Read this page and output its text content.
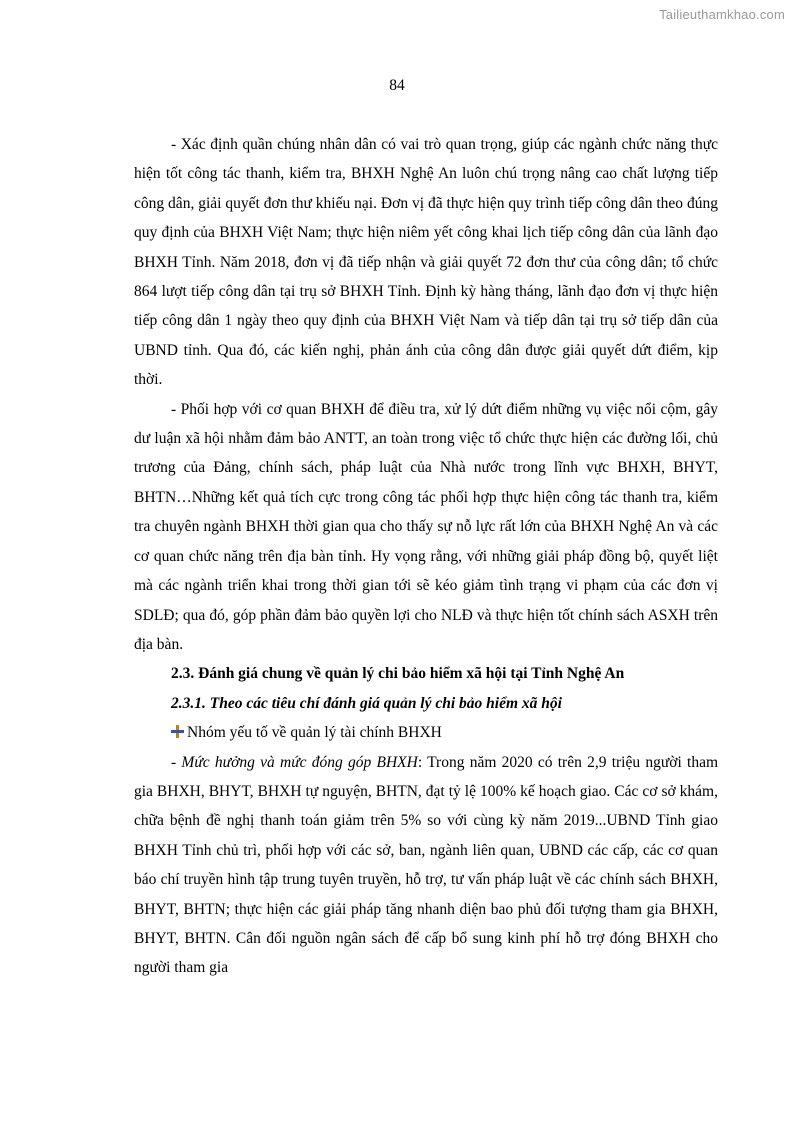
Tailieuthamkhao.com
84

- Xác định quần chúng nhân dân có vai trò quan trọng, giúp các ngành chức năng thực hiện tốt công tác thanh, kiểm tra, BHXH Nghệ An luôn chú trọng nâng cao chất lượng tiếp công dân, giải quyết đơn thư khiếu nại. Đơn vị đã thực hiện quy trình tiếp công dân theo đúng quy định của BHXH Việt Nam; thực hiện niêm yết công khai lịch tiếp công dân của lãnh đạo BHXH Tỉnh. Năm 2018, đơn vị đã tiếp nhận và giải quyết 72 đơn thư của công dân; tổ chức 864 lượt tiếp công dân tại trụ sở BHXH Tỉnh. Định kỳ hàng tháng, lãnh đạo đơn vị thực hiện tiếp công dân 1 ngày theo quy định của BHXH Việt Nam và tiếp dân tại trụ sở tiếp dân của UBND tỉnh. Qua đó, các kiến nghị, phản ánh của công dân được giải quyết dứt điểm, kịp thời.

- Phối hợp với cơ quan BHXH để điều tra, xử lý dứt điểm những vụ việc nổi cộm, gây dư luận xã hội nhằm đảm bảo ANTT, an toàn trong việc tổ chức thực hiện các đường lối, chủ trương của Đảng, chính sách, pháp luật của Nhà nước trong lĩnh vực BHXH, BHYT, BHTN…Những kết quả tích cực trong công tác phối hợp thực hiện công tác thanh tra, kiểm tra chuyên ngành BHXH thời gian qua cho thấy sự nỗ lực rất lớn của BHXH Nghệ An và các cơ quan chức năng trên địa bàn tỉnh. Hy vọng rằng, với những giải pháp đồng bộ, quyết liệt mà các ngành triển khai trong thời gian tới sẽ kéo giảm tình trạng vi phạm của các đơn vị SDLĐ; qua đó, góp phần đảm bảo quyền lợi cho NLĐ và thực hiện tốt chính sách ASXH trên địa bàn.

2.3. Đánh giá chung về quản lý chi bảo hiểm xã hội tại Tỉnh Nghệ An

2.3.1. Theo các tiêu chí đánh giá quản lý chi bảo hiểm xã hội

Nhóm yếu tố về quản lý tài chính BHXH

- Mức hưởng và mức đóng góp BHXH: Trong năm 2020 có trên 2,9 triệu người tham gia BHXH, BHYT, BHXH tự nguyện, BHTN, đạt tỷ lệ 100% kế hoạch giao. Các cơ sở khám, chữa bệnh đề nghị thanh toán giảm trên 5% so với cùng kỳ năm 2019...UBND Tỉnh giao BHXH Tỉnh chủ trì, phối hợp với các sở, ban, ngành liên quan, UBND các cấp, các cơ quan báo chí truyền hình tập trung tuyên truyền, hỗ trợ, tư vấn pháp luật về các chính sách BHXH, BHYT, BHTN; thực hiện các giải pháp tăng nhanh diện bao phủ đối tượng tham gia BHXH, BHYT, BHTN. Cân đối nguồn ngân sách để cấp bổ sung kinh phí hỗ trợ đóng BHXH cho người tham gia
